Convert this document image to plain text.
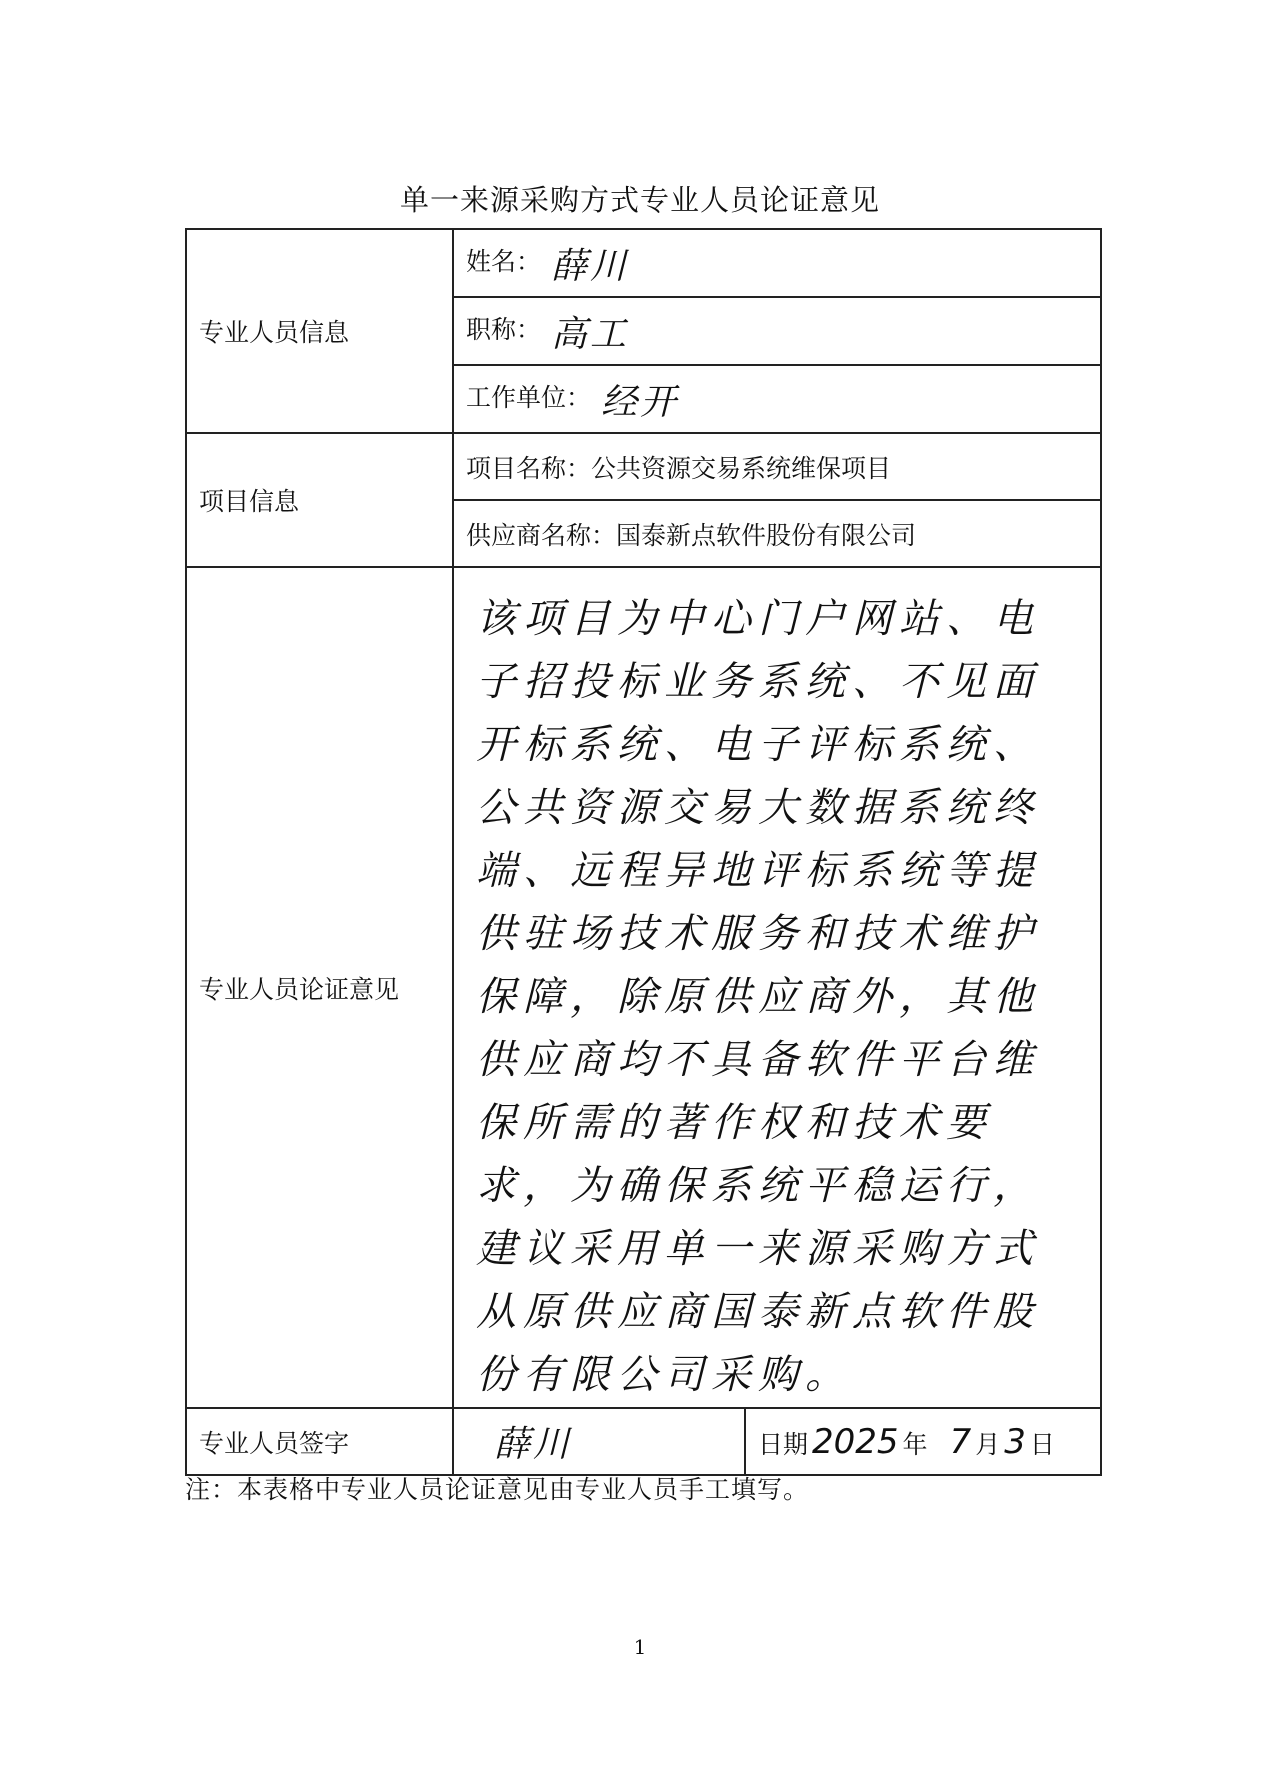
单一来源采购方式专业人员论证意见
专业人员信息	姓名： 薛川	
	职称： 高工	
	工作单位： 经开	
项目信息	项目名称：公共资源交易系统维保项目	
	供应商名称：国泰新点软件股份有限公司	
专业人员论证意见	该项目为中心门户网站、电子招投标业务系统、不见面开标系统、电子评标系统、公共资源交易大数据系统终端、远程异地评标系统等提供驻场技术服务和技术维护保障，除原供应商外，其他供应商均不具备软件平台维保所需的著作权和技术要求，为确保系统平稳运行，建议采用单一来源采购方式从原供应商国泰新点软件股份有限公司采购。	
专业人员签字	薛川	日期 2025 年 7 月 3 日
注：本表格中专业人员论证意见由专业人员手工填写。
1
